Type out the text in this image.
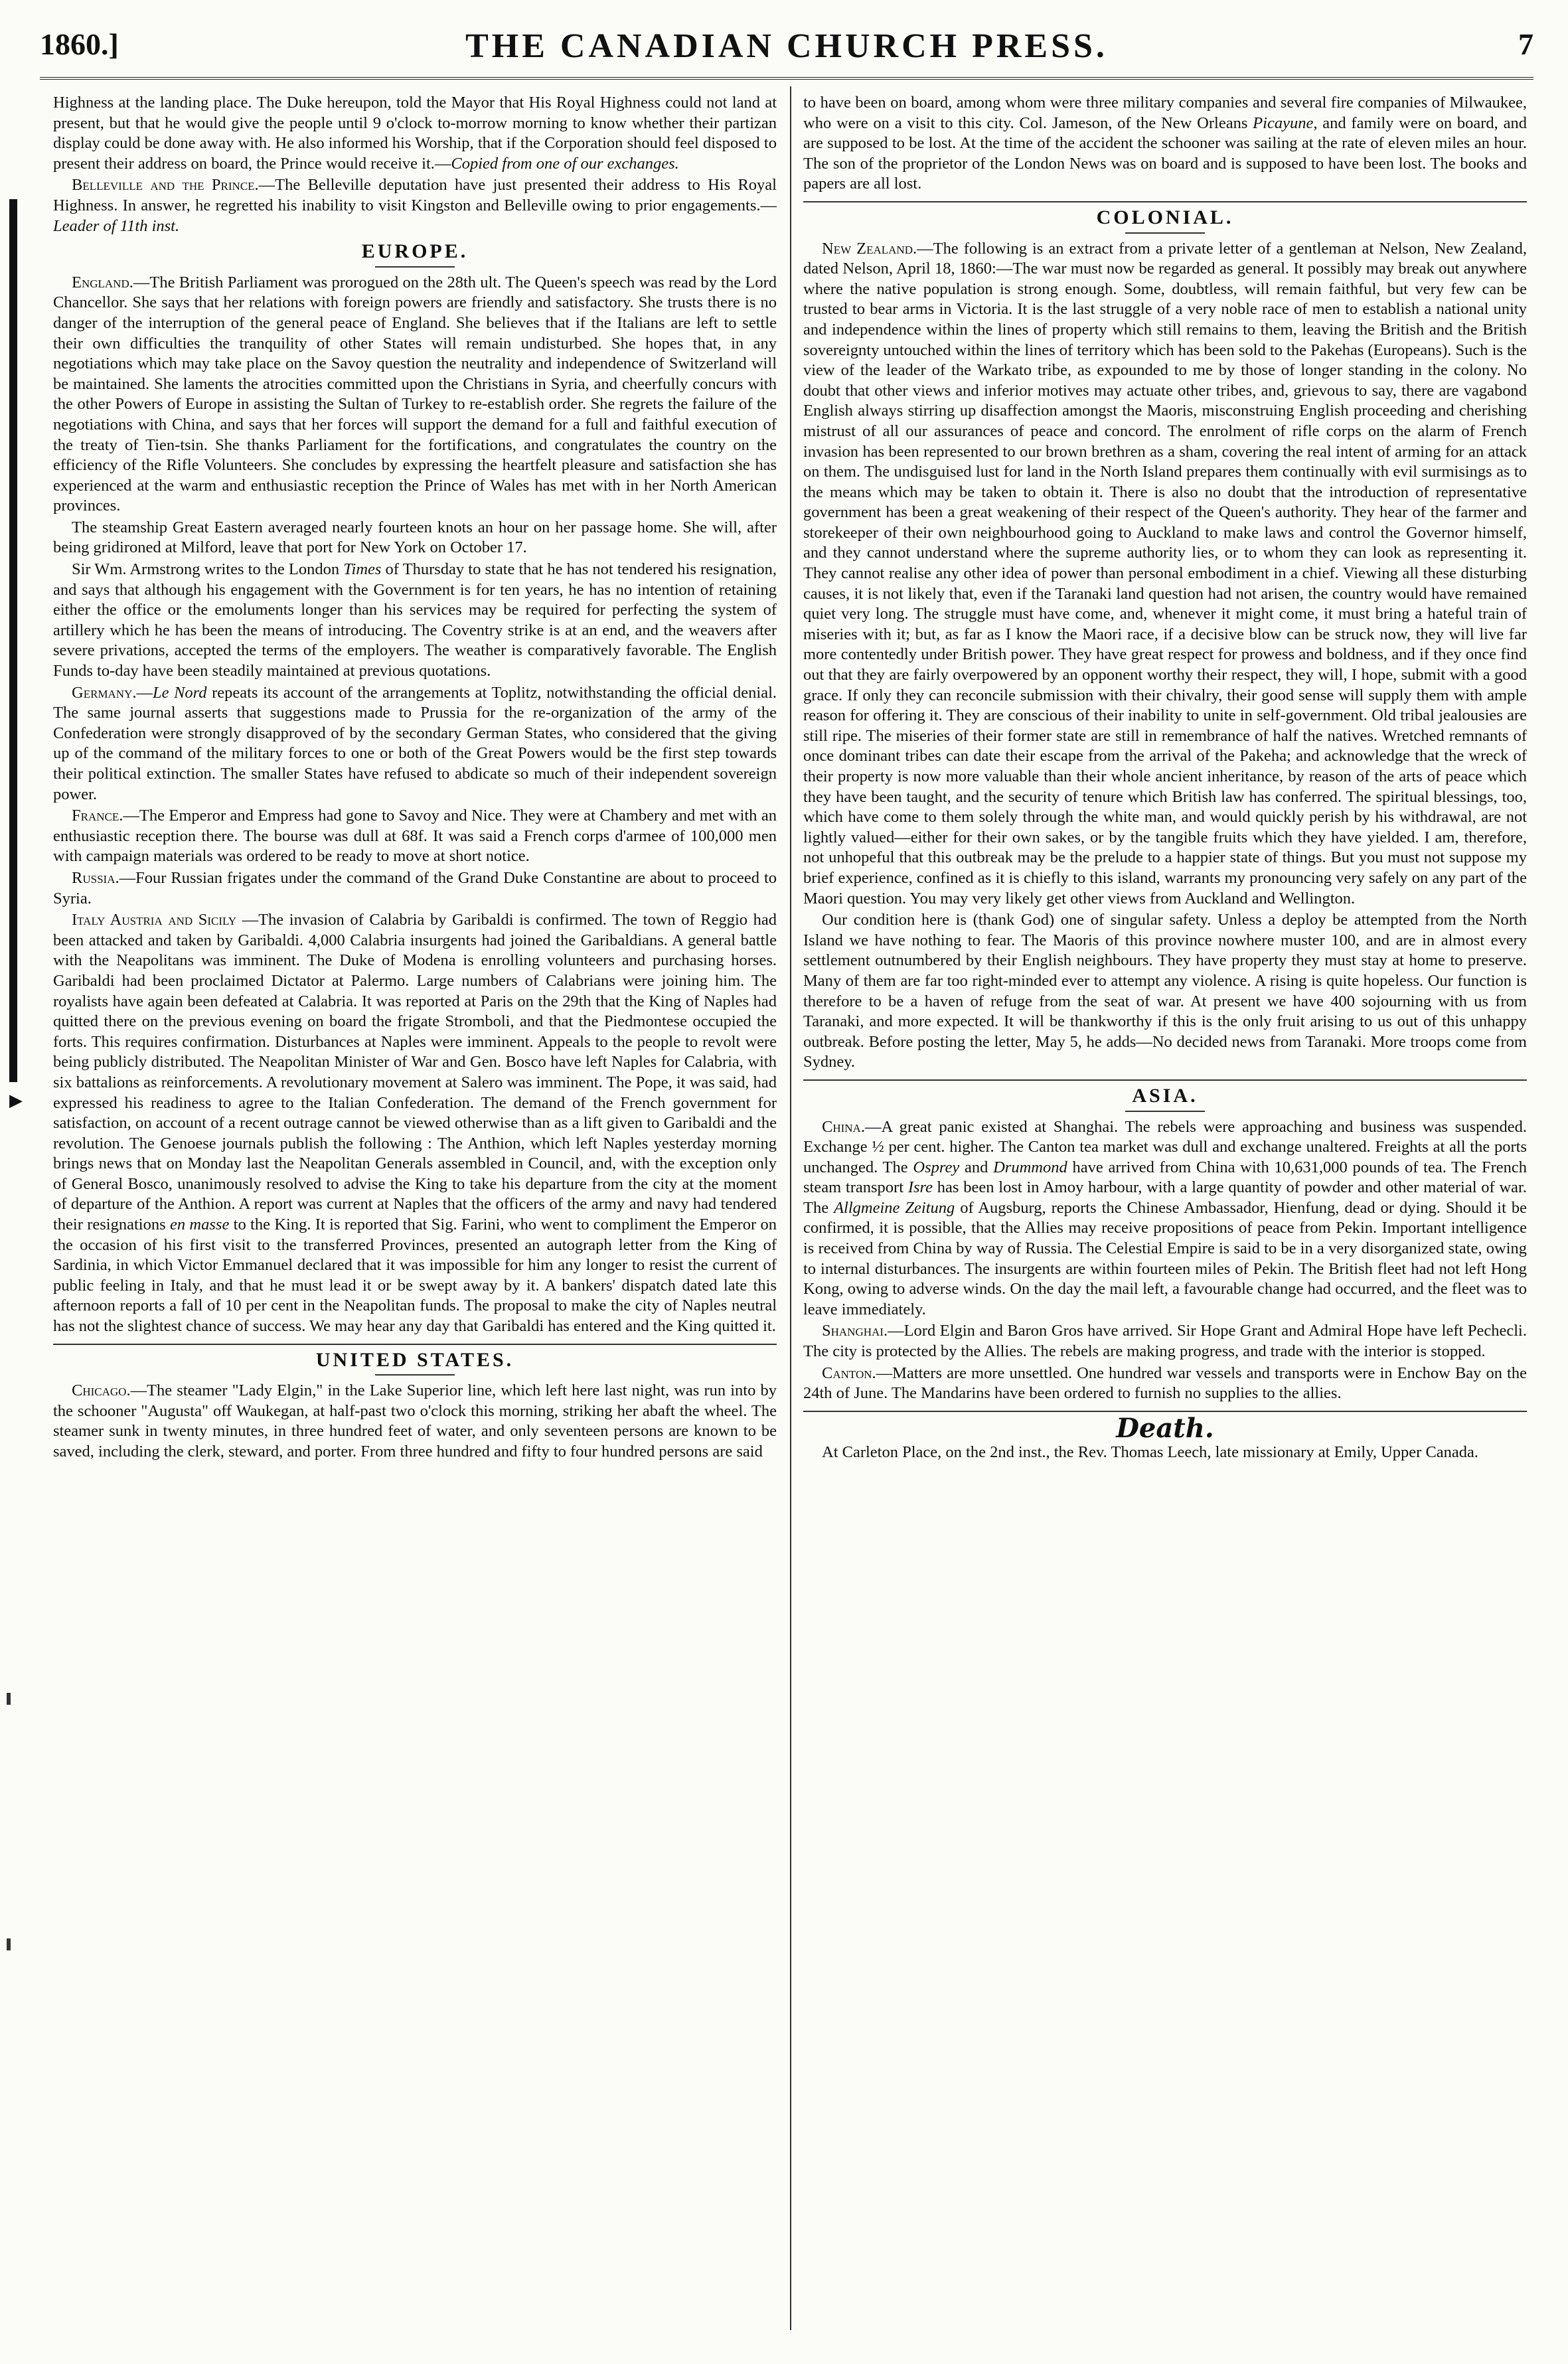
1860.]	THE CANADIAN CHURCH PRESS.	7
▶

Highness at the landing place. The Duke hereupon, told the Mayor that His Royal Highness could not land at present, but that he would give the people until 9 o'clock to-morrow morning to know whether their partizan display could be done away with. He also informed his Worship, that if the Corporation should feel disposed to present their address on board, the Prince would receive it.—Copied from one of our exchanges.

Belleville and the Prince.—The Belleville deputation have just presented their address to His Royal Highness. In answer, he regretted his inability to visit Kingston and Belleville owing to prior engagements.—Leader of 11th inst.

EUROPE.

England.—The British Parliament was prorogued on the 28th ult. The Queen's speech was read by the Lord Chancellor. She says that her relations with foreign powers are friendly and satisfactory. She trusts there is no danger of the interruption of the general peace of England. She believes that if the Italians are left to settle their own difficulties the tranquility of other States will remain undisturbed. She hopes that, in any negotiations which may take place on the Savoy question the neutrality and independence of Switzerland will be maintained. She laments the atrocities committed upon the Christians in Syria, and cheerfully concurs with the other Powers of Europe in assisting the Sultan of Turkey to re-establish order. She regrets the failure of the negotiations with China, and says that her forces will support the demand for a full and faithful execution of the treaty of Tien-tsin. She thanks Parliament for the fortifications, and congratulates the country on the efficiency of the Rifle Volunteers. She concludes by expressing the heartfelt pleasure and satisfaction she has experienced at the warm and enthusiastic reception the Prince of Wales has met with in her North American provinces.

The steamship Great Eastern averaged nearly fourteen knots an hour on her passage home. She will, after being gridironed at Milford, leave that port for New York on October 17.

Sir Wm. Armstrong writes to the London Times of Thursday to state that he has not tendered his resignation, and says that although his engagement with the Government is for ten years, he has no intention of retaining either the office or the emoluments longer than his services may be required for perfecting the system of artillery which he has been the means of introducing. The Coventry strike is at an end, and the weavers after severe privations, accepted the terms of the employers. The weather is comparatively favorable. The English Funds to-day have been steadily maintained at previous quotations.

Germany.—Le Nord repeats its account of the arrangements at Toplitz, notwithstanding the official denial. The same journal asserts that suggestions made to Prussia for the re-organization of the army of the Confederation were strongly disapproved of by the secondary German States, who considered that the giving up of the command of the military forces to one or both of the Great Powers would be the first step towards their political extinction. The smaller States have refused to abdicate so much of their independent sovereign power.

France.—The Emperor and Empress had gone to Savoy and Nice. They were at Chambery and met with an enthusiastic reception there. The bourse was dull at 68f. It was said a French corps d'armee of 100,000 men with campaign materials was ordered to be ready to move at short notice.

Russia.—Four Russian frigates under the command of the Grand Duke Constantine are about to proceed to Syria.

Italy Austria and Sicily —The invasion of Calabria by Garibaldi is confirmed. The town of Reggio had been attacked and taken by Garibaldi. 4,000 Calabria insurgents had joined the Garibaldians. A general battle with the Neapolitans was imminent. The Duke of Modena is enrolling volunteers and purchasing horses. Garibaldi had been proclaimed Dictator at Palermo. Large numbers of Calabrians were joining him. The royalists have again been defeated at Calabria. It was reported at Paris on the 29th that the King of Naples had quitted there on the previous evening on board the frigate Stromboli, and that the Piedmontese occupied the forts. This requires confirmation. Disturbances at Naples were imminent. Appeals to the people to revolt were being publicly distributed. The Neapolitan Minister of War and Gen. Bosco have left Naples for Calabria, with six battalions as reinforcements. A revolutionary movement at Salero was imminent. The Pope, it was said, had expressed his readiness to agree to the Italian Confederation. The demand of the French government for satisfaction, on account of a recent outrage cannot be viewed otherwise than as a lift given to Garibaldi and the revolution. The Genoese journals publish the following : The Anthion, which left Naples yesterday morning brings news that on Monday last the Neapolitan Generals assembled in Council, and, with the exception only of General Bosco, unanimously resolved to advise the King to take his departure from the city at the moment of departure of the Anthion. A report was current at Naples that the officers of the army and navy had tendered their resignations en masse to the King. It is reported that Sig. Farini, who went to compliment the Emperor on the occasion of his first visit to the transferred Provinces, presented an autograph letter from the King of Sardinia, in which Victor Emmanuel declared that it was impossible for him any longer to resist the current of public feeling in Italy, and that he must lead it or be swept away by it. A bankers' dispatch dated late this afternoon reports a fall of 10 per cent in the Neapolitan funds. The proposal to make the city of Naples neutral has not the slightest chance of success. We may hear any day that Garibaldi has entered and the King quitted it.

UNITED STATES.

Chicago.—The steamer "Lady Elgin," in the Lake Superior line, which left here last night, was run into by the schooner "Augusta" off Waukegan, at half-past two o'clock this morning, striking her abaft the wheel. The steamer sunk in twenty minutes, in three hundred feet of water, and only seventeen persons are known to be saved, including the clerk, steward, and porter. From three hundred and fifty to four hundred persons are said

to have been on board, among whom were three military companies and several fire companies of Milwaukee, who were on a visit to this city. Col. Jameson, of the New Orleans Picayune, and family were on board, and are supposed to be lost. At the time of the accident the schooner was sailing at the rate of eleven miles an hour. The son of the proprietor of the London News was on board and is supposed to have been lost. The books and papers are all lost.

COLONIAL.

New Zealand.—The following is an extract from a private letter of a gentleman at Nelson, New Zealand, dated Nelson, April 18, 1860:—The war must now be regarded as general. It possibly may break out anywhere where the native population is strong enough. Some, doubtless, will remain faithful, but very few can be trusted to bear arms in Victoria. It is the last struggle of a very noble race of men to establish a national unity and independence within the lines of property which still remains to them, leaving the British and the British sovereignty untouched within the lines of territory which has been sold to the Pakehas (Europeans). Such is the view of the leader of the Warkato tribe, as expounded to me by those of longer standing in the colony. No doubt that other views and inferior motives may actuate other tribes, and, grievous to say, there are vagabond English always stirring up disaffection amongst the Maoris, misconstruing English proceeding and cherishing mistrust of all our assurances of peace and concord. The enrolment of rifle corps on the alarm of French invasion has been represented to our brown brethren as a sham, covering the real intent of arming for an attack on them. The undisguised lust for land in the North Island prepares them continually with evil surmisings as to the means which may be taken to obtain it. There is also no doubt that the introduction of representative government has been a great weakening of their respect of the Queen's authority. They hear of the farmer and storekeeper of their own neighbourhood going to Auckland to make laws and control the Governor himself, and they cannot understand where the supreme authority lies, or to whom they can look as representing it. They cannot realise any other idea of power than personal embodiment in a chief. Viewing all these disturbing causes, it is not likely that, even if the Taranaki land question had not arisen, the country would have remained quiet very long. The struggle must have come, and, whenever it might come, it must bring a hateful train of miseries with it; but, as far as I know the Maori race, if a decisive blow can be struck now, they will live far more contentedly under British power. They have great respect for prowess and boldness, and if they once find out that they are fairly overpowered by an opponent worthy their respect, they will, I hope, submit with a good grace. If only they can reconcile submission with their chivalry, their good sense will supply them with ample reason for offering it. They are conscious of their inability to unite in self-government. Old tribal jealousies are still ripe. The miseries of their former state are still in remembrance of half the natives. Wretched remnants of once dominant tribes can date their escape from the arrival of the Pakeha; and acknowledge that the wreck of their property is now more valuable than their whole ancient inheritance, by reason of the arts of peace which they have been taught, and the security of tenure which British law has conferred. The spiritual blessings, too, which have come to them solely through the white man, and would quickly perish by his withdrawal, are not lightly valued—either for their own sakes, or by the tangible fruits which they have yielded. I am, therefore, not unhopeful that this outbreak may be the prelude to a happier state of things. But you must not suppose my brief experience, confined as it is chiefly to this island, warrants my pronouncing very safely on any part of the Maori question. You may very likely get other views from Auckland and Wellington.

Our condition here is (thank God) one of singular safety. Unless a deploy be attempted from the North Island we have nothing to fear. The Maoris of this province nowhere muster 100, and are in almost every settlement outnumbered by their English neighbours. They have property they must stay at home to preserve. Many of them are far too right-minded ever to attempt any violence. A rising is quite hopeless. Our function is therefore to be a haven of refuge from the seat of war. At present we have 400 sojourning with us from Taranaki, and more expected. It will be thankworthy if this is the only fruit arising to us out of this unhappy outbreak. Before posting the letter, May 5, he adds—No decided news from Taranaki. More troops come from Sydney.

ASIA.

China.—A great panic existed at Shanghai. The rebels were approaching and business was suspended. Exchange ½ per cent. higher. The Canton tea market was dull and exchange unaltered. Freights at all the ports unchanged. The Osprey and Drummond have arrived from China with 10,631,000 pounds of tea. The French steam transport Isre has been lost in Amoy harbour, with a large quantity of powder and other material of war. The Allgmeine Zeitung of Augsburg, reports the Chinese Ambassador, Hienfung, dead or dying. Should it be confirmed, it is possible, that the Allies may receive propositions of peace from Pekin. Important intelligence is received from China by way of Russia. The Celestial Empire is said to be in a very disorganized state, owing to internal disturbances. The insurgents are within fourteen miles of Pekin. The British fleet had not left Hong Kong, owing to adverse winds. On the day the mail left, a favourable change had occurred, and the fleet was to leave immediately.

Shanghai.—Lord Elgin and Baron Gros have arrived. Sir Hope Grant and Admiral Hope have left Pechecli. The city is protected by the Allies. The rebels are making progress, and trade with the interior is stopped.

Canton.—Matters are more unsettled. One hundred war vessels and transports were in Enchow Bay on the 24th of June. The Mandarins have been ordered to furnish no supplies to the allies.

Death.

At Carleton Place, on the 2nd inst., the Rev. Thomas Leech, late missionary at Emily, Upper Canada.
